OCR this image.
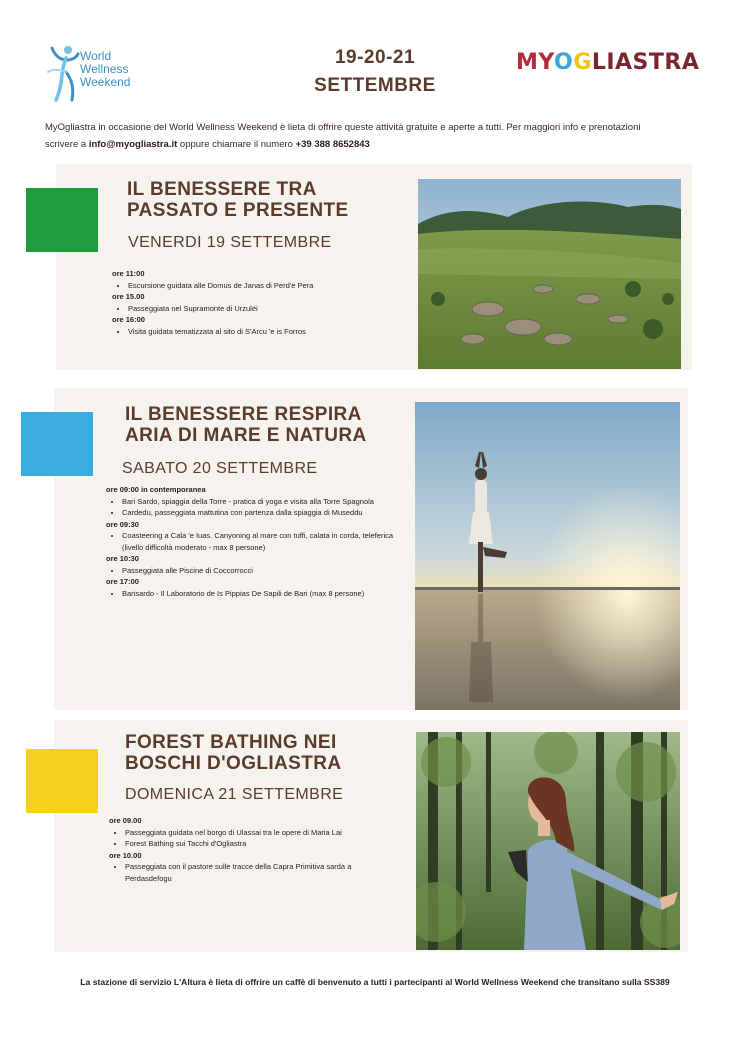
World
Wellness
Weekend
19-20-21
SETTEMBRE
MYOGLIASTRA
MyOgliastra in occasione del World Wellness Weekend è lieta di offrire queste attività gratuite e aperte a tutti. Per maggiori info e prenotazioni scrivere a info@myogliastra.it oppure chiamare il numero +39 388 8652843
IL BENESSERE TRA
PASSATO E PRESENTE
VENERDI 19 SETTEMBRE
ore 11:00
• Escursione guidata alle Domus de Janas di Perd'e Pera
ore 15.00
• Passeggiata nel Supramonte di Urzulei
ore 16:00
• Visita guidata tematizzata al sito di S'Arcu 'e is Forros
IL BENESSERE RESPIRA
ARIA DI MARE E NATURA
SABATO 20 SETTEMBRE
ore 09:00 in contemporanea
• Bari Sardo, spiaggia della Torre - pratica di yoga e visita alla Torre Spagnola
• Cardedu, passeggiata mattutina con partenza dalla spiaggia di Museddu
ore 09:30
• Coasteering a Cala 'e Iuas. Canyoning al mare con tuffi, calata in corda, teleferica (livello difficoltà moderato - max 8 persone)
ore 10:30
• Passeggiata alle Piscine di Coccorrocci
ore 17:00
• Barisardo - Il Laboratorio de Is Pippias De Sapili de Bari (max 8 persone)
FOREST BATHING NEI
BOSCHI D'OGLIASTRA
DOMENICA 21 SETTEMBRE
ore 09.00
• Passeggiata guidata nel borgo di Ulassai tra le opere di Maria Lai
• Forest Bathing sui Tacchi d'Ogliastra
ore 10.00
• Passeggiata con il pastore sulle tracce della Capra Primitiva sarda a Perdasdefogu
La stazione di servizio L'Altura è lieta di offrire un caffè di benvenuto a tutti i partecipanti al World Wellness Weekend che transitano sulla SS389
